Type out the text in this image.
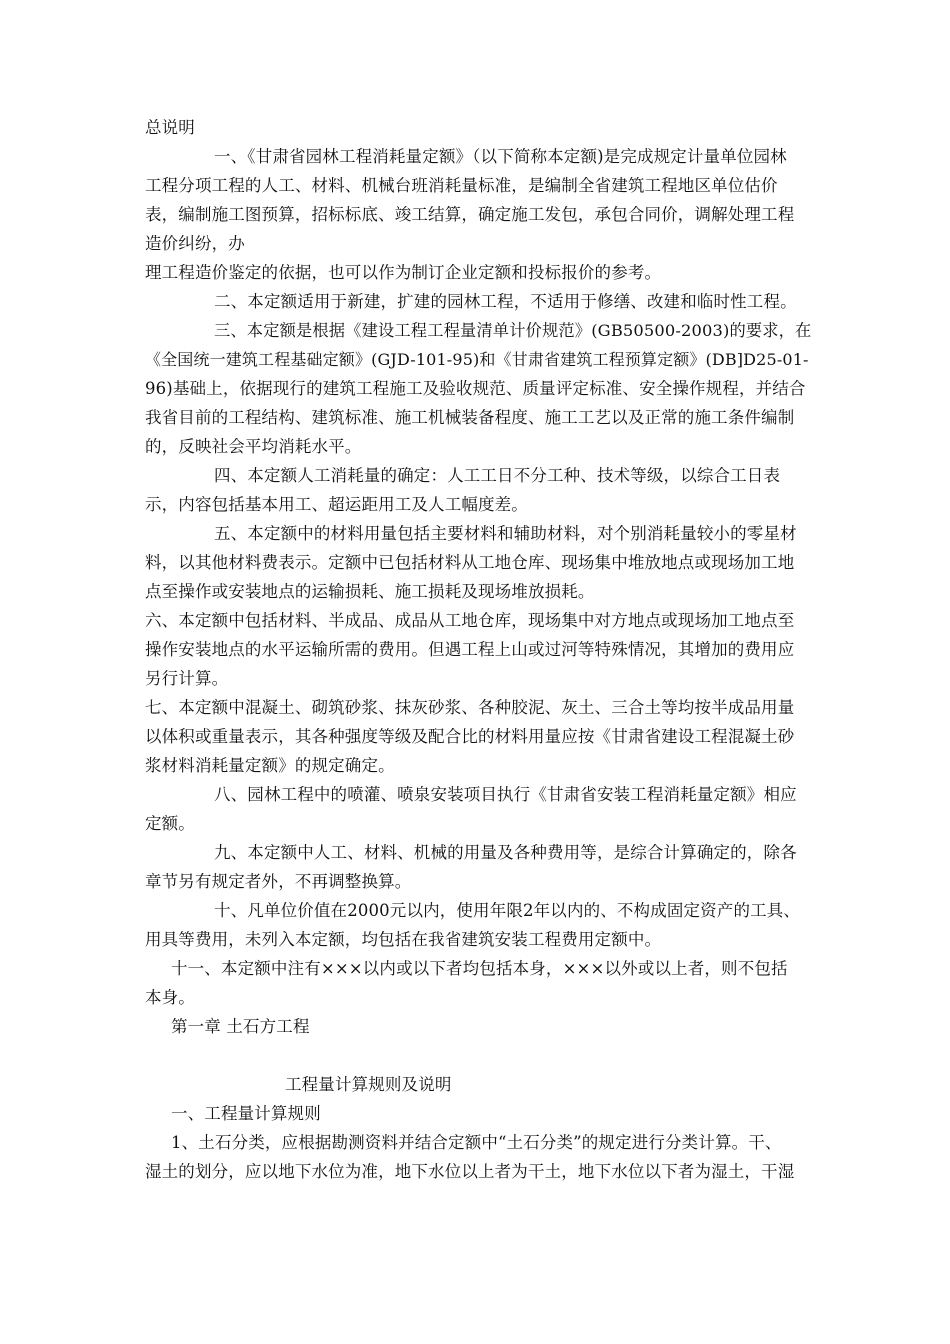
总说明
一、《甘肃省园林工程消耗量定额》（以下简称本定额)是完成规定计量单位园林
工程分项工程的人工、材料、机械台班消耗量标准，是编制全省建筑工程地区单位估价
表，编制施工图预算，招标标底、竣工结算，确定施工发包，承包合同价，调解处理工程
造价纠纷，办
理工程造价鉴定的依据，也可以作为制订企业定额和投标报价的参考。
二、本定额适用于新建，扩建的园林工程，不适用于修缮、改建和临时性工程。
三、本定额是根据《建设工程工程量清单计价规范》(GB50500-2003)的要求，在
《全国统一建筑工程基础定额》(GJD-101-95)和《甘肃省建筑工程预算定额》(DB]D25-01-
96)基础上，依据现行的建筑工程施工及验收规范、质量评定标准、安全操作规程，并结合
我省目前的工程结构、建筑标准、施工机械装备程度、施工工艺以及正常的施工条件编制
的，反映社会平均消耗水平。
四、本定额人工消耗量的确定：人工工日不分工种、技术等级，以综合工日表
示，内容包括基本用工、超运距用工及人工幅度差。
五、本定额中的材料用量包括主要材料和辅助材料，对个别消耗量较小的零星材
料，以其他材料费表示。定额中已包括材料从工地仓库、现场集中堆放地点或现场加工地
点至操作或安装地点的运输损耗、施工损耗及现场堆放损耗。
六、本定额中包括材料、半成品、成品从工地仓库，现场集中对方地点或现场加工地点至
操作安装地点的水平运输所需的费用。但遇工程上山或过河等特殊情况，其增加的费用应
另行计算。
七、本定额中混凝土、砌筑砂浆、抹灰砂浆、各种胶泥、灰土、三合土等均按半成品用量
以体积或重量表示，其各种强度等级及配合比的材料用量应按《甘肃省建设工程混凝土砂
浆材料消耗量定额》的规定确定。
八、园林工程中的喷灌、喷泉安装项目执行《甘肃省安装工程消耗量定额》相应
定额。
九、本定额中人工、材料、机械的用量及各种费用等，是综合计算确定的，除各
章节另有规定者外，不再调整换算。
十、凡单位价值在2000元以内，使用年限2年以内的、不构成固定资产的工具、
用具等费用，未列入本定额，均包括在我省建筑安装工程费用定额中。
十一、本定额中注有×××以内或以下者均包括本身，×××以外或以上者，则不包括
本身。
第一章 土石方工程
工程量计算规则及说明
一、工程量计算规则
1、土石分类，应根据勘测资料并结合定额中“土石分类”的规定进行分类计算。干、
湿土的划分，应以地下水位为准，地下水位以上者为干土，地下水位以下者为湿土，干湿
